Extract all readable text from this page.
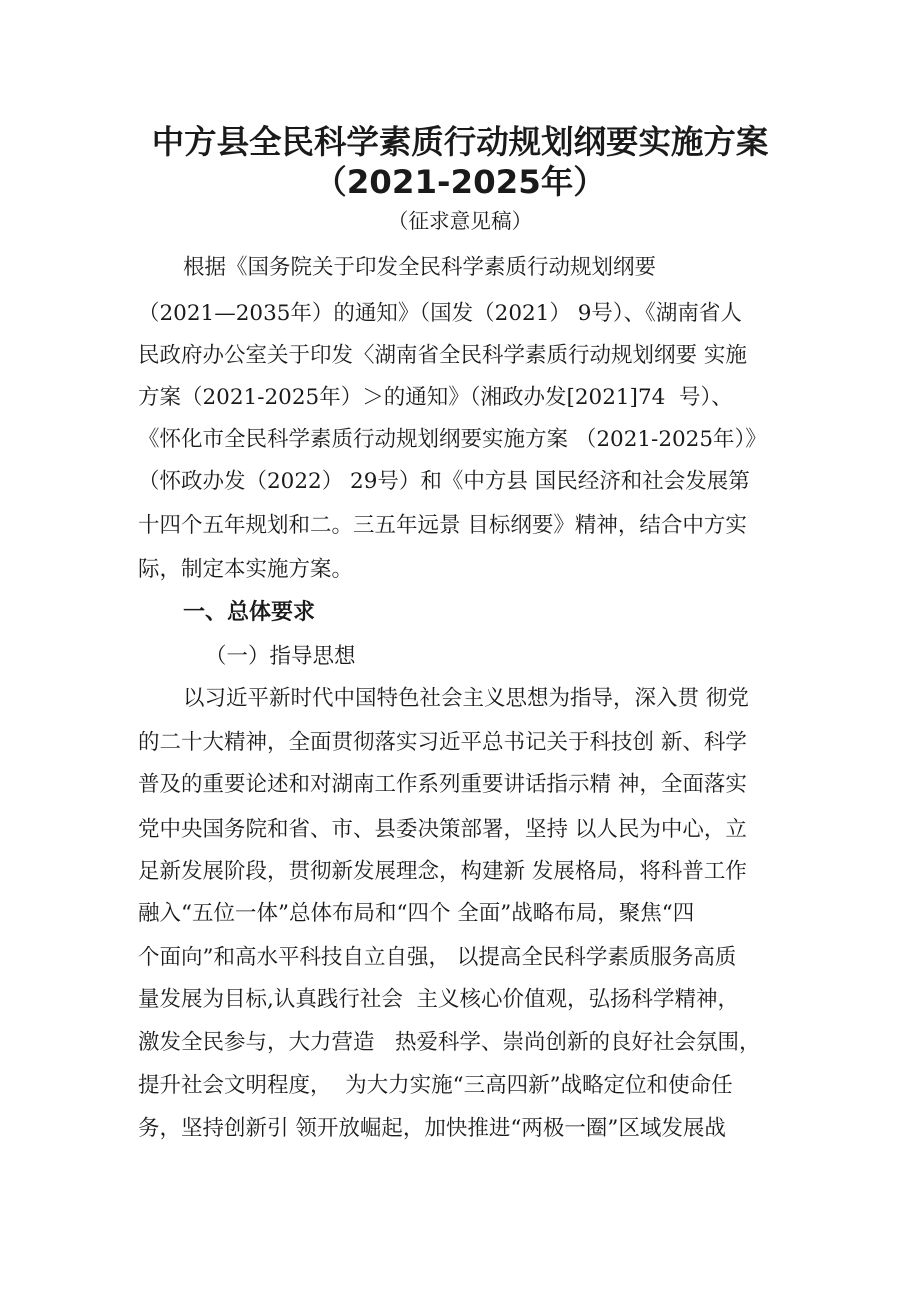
中方县全民科学素质行动规划纲要实施方案
（2021-2025年）
（征求意见稿）
根据《国务院关于印发全民科学素质行动规划纲要
（2021—2035年）的通知》（国发（2021） 9号）、《湖南省人
民政府办公室关于印发〈湖南省全民科学素质行动规划纲要 实施
方案（2021-2025年）＞的通知》（湘政办发[2021]74  号）、
《怀化市全民科学素质行动规划纲要实施方案 （2021-2025年）》
（怀政办发（2022） 29号）和《中方县 国民经济和社会发展第
十四个五年规划和二。三五年远景 目标纲要》精神，结合中方实
际，制定本实施方案。
一、总体要求
（一）指导思想
以习近平新时代中国特色社会主义思想为指导，深入贯 彻党
的二十大精神，全面贯彻落实习近平总书记关于科技创 新、科学
普及的重要论述和对湖南工作系列重要讲话指示精 神，全面落实
党中央国务院和省、市、县委决策部署，坚持 以人民为中心，立
足新发展阶段，贯彻新发展理念，构建新 发展格局，将科普工作
融入“五位一体”总体布局和“四个 全面”战略布局，聚焦“四
个面向”和高水平科技自立自强， 以提高全民科学素质服务高质
量发展为目标,认真践行社会  主义核心价值观，弘扬科学精神，
激发全民参与，大力营造   热爱科学、崇尚创新的良好社会氛围，
提升社会文明程度，  为大力实施“三高四新”战略定位和使命任
务，坚持创新引 领开放崛起，加快推进“两极一圈”区域发展战
